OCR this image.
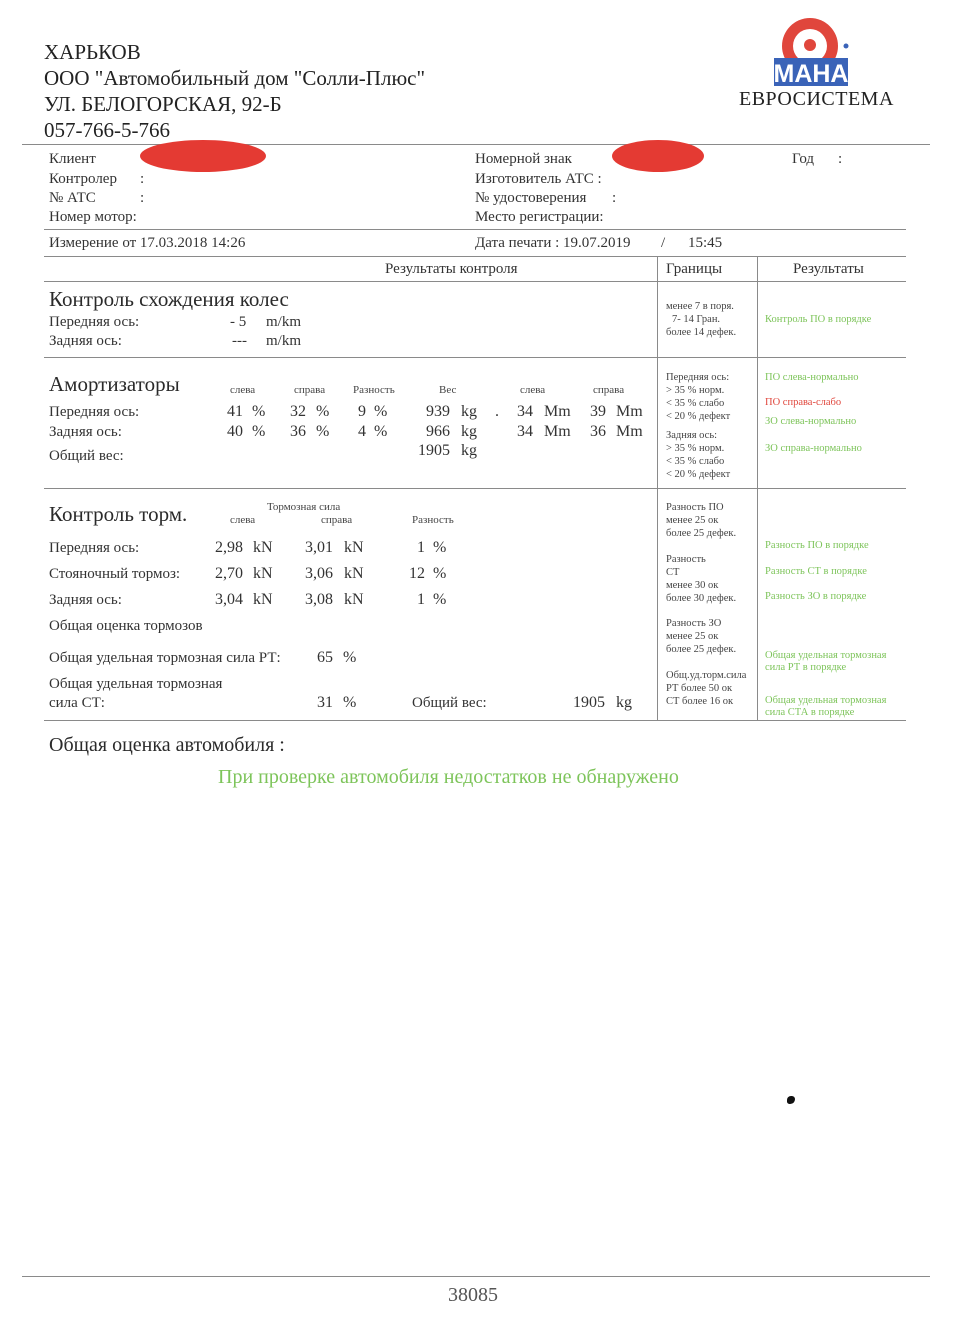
ХАРЬКОВ
ООО "Автомобильный дом "Солли-Плюс"
УЛ. БЕЛОГОРСКАЯ, 92-Б
057-766-5-766
MAHA
ЕВРОСИСТЕМА
Клиент
Контролер :
№ АТС	:
Номер мотор:
Номерной знак
Изготовитель АТС :
№ удостоверения :
Место регистрации:
Год :
Измерение от 17.03.2018 14:26	Дата печати : 19.07.2019 / 15:45
Результаты контроля	Границы	Результаты
Контроль схождения колес
Передняя ось:	- 5 m/km
Задняя ось:	--- m/km
менее 7 в поря.
7- 14 Гран.
более 14 дефек.
Контроль ПО в порядке
Амортизаторы	слева	справа	Разность	Вес	слева	справа
Передняя ось:	41 % 32 % 9 % 939 kg . 34 Mm 39 Mm
Задняя ось:	40 % 36 % 4 % 966 kg	34 Mm 36 Mm
Общий вес:	1905 kg
Передняя ось:
> 35 % норм.
< 35 % слабо
< 20 % дефект
Задняя ось:
> 35 % норм.
< 35 % слабо
< 20 % дефект
ПО слева-нормально
ПО справа-слабо
ЗО слева-нормально
ЗО справа-нормально
Контроль торм.	Тормозная сила
слева	справа	Разность
Передняя ось:	2,98 kN 3,01 kN	1 %
Стояночный тормоз: 2,70 kN 3,06 kN	12 %
Задняя ось:	3,04 kN 3,08 kN	1 %
Общая оценка тормозов
Общая удельная тормозная сила РТ: 65 %
Общая удельная тормозная
сила СТ:	31 %	Общий вес:	1905 kg
Разность ПО
менее 25 ок
более 25 дефек.
Разность
СТ
менее 30 ок
более 30 дефек.
Разность ЗО
менее 25 ок
более 25 дефек.
Общ.уд.торм.сила
РТ более 50 ок
СТ более 16 ок
Разность ПО в порядке
Разность СТ в порядке
Разность ЗО в порядке
Общая удельная тормозная сила РТ в порядке
Общая удельная тормозная сила СТА в порядке
Общая оценка автомобиля :
При проверке автомобиля недостатков не обнаружено
38085
